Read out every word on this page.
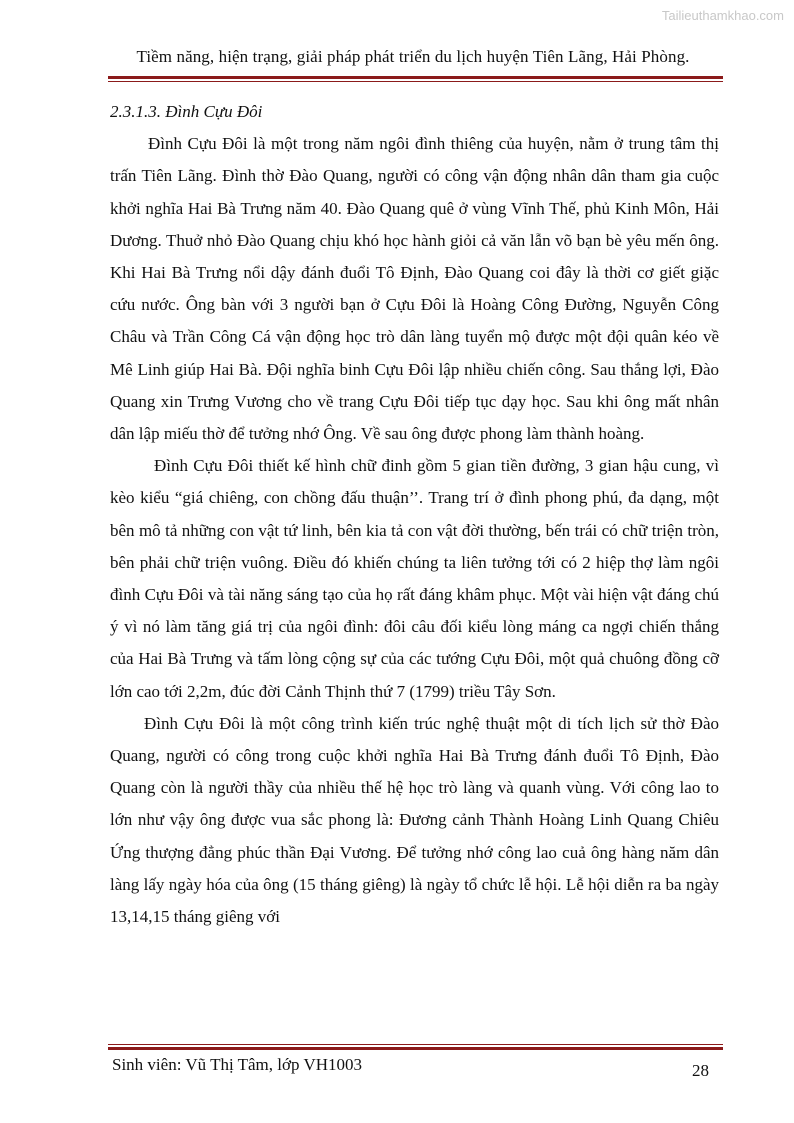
Tailieuthamkhao.com
Tiềm năng, hiện trạng, giải pháp phát triển du lịch huyện Tiên Lãng, Hải Phòng.

2.3.1.3. Đình Cựu Đôi

Đình Cựu Đôi là một trong năm ngôi đình thiêng của huyện, nằm ở trung tâm thị trấn Tiên Lãng. Đình thờ Đào Quang, người có công vận động nhân dân tham gia cuộc khởi nghĩa Hai Bà Trưng năm 40. Đào Quang quê ở vùng Vĩnh Thế, phủ Kinh Môn, Hải Dương. Thuở nhỏ Đào Quang chịu khó học hành giỏi cả văn lẫn võ bạn bè yêu mến ông. Khi Hai Bà Trưng nổi dậy đánh đuổi Tô Định, Đào Quang coi đây là thời cơ giết giặc cứu nước. Ông bàn với 3 người bạn ở Cựu Đôi là Hoàng Công Đường, Nguyễn Công Châu và Trần Công Cá vận động học trò dân làng tuyển mộ được một đội quân kéo về Mê Linh giúp Hai Bà. Đội nghĩa binh Cựu Đôi lập nhiều chiến công. Sau thắng lợi, Đào Quang xin Trưng Vương cho về trang Cựu Đôi tiếp tục dạy học. Sau khi ông mất nhân dân lập miếu thờ để tưởng nhớ Ông. Về sau ông được phong làm thành hoàng.

Đình Cựu Đôi thiết kế hình chữ đinh gồm 5 gian tiền đường, 3 gian hậu cung, vì kèo kiểu “giá chiêng, con chồng đấu thuận’’. Trang trí ở đình phong phú, đa dạng, một bên mô tả những con vật tứ linh, bên kia tả con vật đời thường, bến trái có chữ triện tròn, bên phải chữ triện vuông. Điều đó khiến chúng ta liên tưởng tới có 2 hiệp thợ làm ngôi đình Cựu Đôi và tài năng sáng tạo của họ rất đáng khâm phục. Một vài hiện vật đáng chú ý vì nó làm tăng giá trị của ngôi đình: đôi câu đối kiểu lòng máng ca ngợi chiến thắng của Hai Bà Trưng và tấm lòng cộng sự của các tướng Cựu Đôi, một quả chuông đồng cỡ lớn cao tới 2,2m, đúc đời Cảnh Thịnh thứ 7 (1799) triều Tây Sơn.

Đình Cựu Đôi là một công trình kiến trúc nghệ thuật một di tích lịch sử thờ Đào Quang, người có công trong cuộc khởi nghĩa Hai Bà Trưng đánh đuổi Tô Định, Đào Quang còn là người thầy của nhiều thế hệ học trò làng và quanh vùng. Với công lao to lớn như vậy ông được vua sắc phong là: Đương cảnh Thành Hoàng Linh Quang Chiêu Ứng thượng đẳng phúc thần Đại Vương. Để tưởng nhớ công lao cuả ông hàng năm dân làng lấy ngày hóa của ông (15 tháng giêng) là ngày tổ chức lễ hội. Lễ hội diễn ra ba ngày 13,14,15 tháng giêng với

Sinh viên: Vũ Thị Tâm, lớp VH1003	28
